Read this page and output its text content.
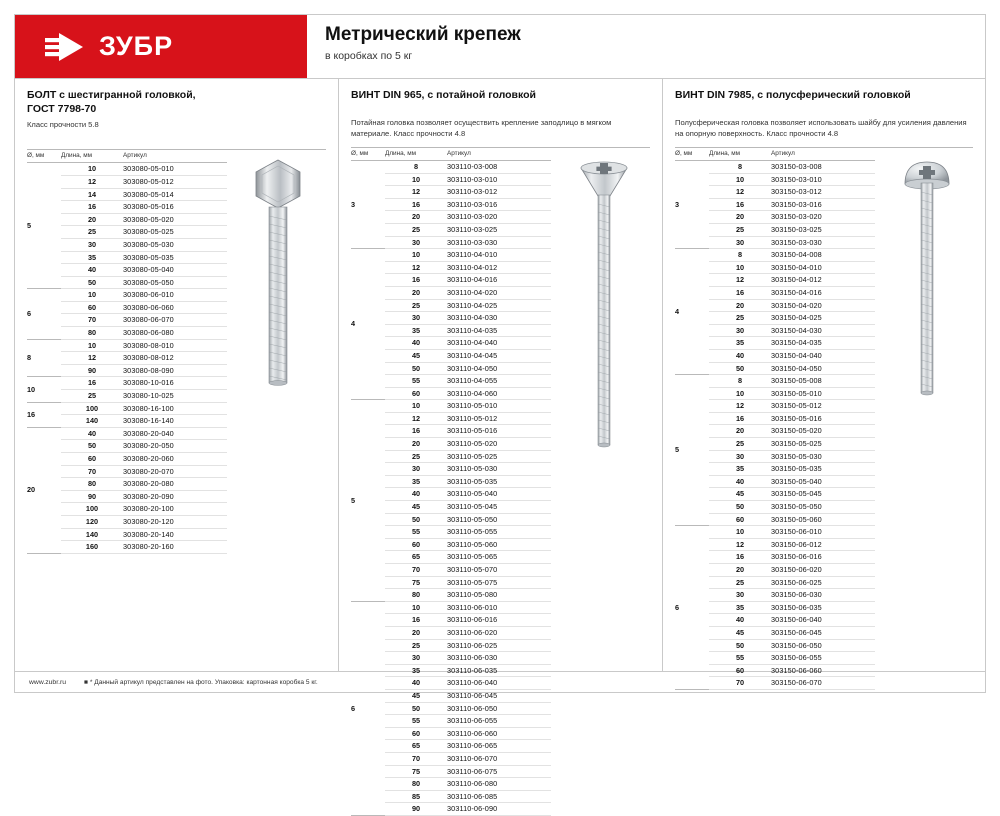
ЗУБР	Метрический крепеж
в коробках по 5 кг
БОЛТ с шестигранной головкой,
ГОСТ 7798-70
Класс прочности 5.8
Ø, мм	Длина, мм	Артикул
5	10	303080-05-010
	12	303080-05-012
	14	303080-05-014
	16	303080-05-016
	20	303080-05-020
	25	303080-05-025
	30	303080-05-030
	35	303080-05-035
	40	303080-05-040
	50	303080-05-050
6	10	303080-06-010
	60	303080-06-060
	70	303080-06-070
	80	303080-06-080
8	10	303080-08-010
	12	303080-08-012
	90	303080-08-090
10	16	303080-10-016
	25	303080-10-025
16	100	303080-16-100
	140	303080-16-140
20	40	303080-20-040
	50	303080-20-050
	60	303080-20-060
	70	303080-20-070
	80	303080-20-080
	90	303080-20-090
	100	303080-20-100
	120	303080-20-120
	140	303080-20-140
	160	303080-20-160
ВИНТ DIN 965, с потайной головкой
Потайная головка позволяет осуществить крепление заподлицо в мягком материале. Класс прочности 4.8
Ø, мм	Длина, мм	Артикул
3	8	303110-03-008
	10	303110-03-010
	12	303110-03-012
	16	303110-03-016
	20	303110-03-020
	25	303110-03-025
	30	303110-03-030
4	10	303110-04-010
	12	303110-04-012
	16	303110-04-016
	20	303110-04-020
	25	303110-04-025
	30	303110-04-030
	35	303110-04-035
	40	303110-04-040
	45	303110-04-045
	50	303110-04-050
	55	303110-04-055
	60	303110-04-060
5	10	303110-05-010
	12	303110-05-012
	16	303110-05-016
	20	303110-05-020
	25	303110-05-025
	30	303110-05-030
	35	303110-05-035
	40	303110-05-040
	45	303110-05-045
	50	303110-05-050
	55	303110-05-055
	60	303110-05-060
	65	303110-05-065
	70	303110-05-070
	75	303110-05-075
	80	303110-05-080
6	10	303110-06-010
	16	303110-06-016
	20	303110-06-020
	25	303110-06-025
	30	303110-06-030
	35	303110-06-035
	40	303110-06-040
	45	303110-06-045
	50	303110-06-050
	55	303110-06-055
	60	303110-06-060
	65	303110-06-065
	70	303110-06-070
	75	303110-06-075
	80	303110-06-080
	85	303110-06-085
	90	303110-06-090
ВИНТ DIN 7985, с полусферический головкой
Полусферическая головка позволяет использовать шайбу для усиления давления на опорную поверхность. Класс прочности 4.8
Ø, мм	Длина, мм	Артикул
3	8	303150-03-008
	10	303150-03-010
	12	303150-03-012
	16	303150-03-016
	20	303150-03-020
	25	303150-03-025
	30	303150-03-030
4	8	303150-04-008
	10	303150-04-010
	12	303150-04-012
	16	303150-04-016
	20	303150-04-020
	25	303150-04-025
	30	303150-04-030
	35	303150-04-035
	40	303150-04-040
	50	303150-04-050
5	8	303150-05-008
	10	303150-05-010
	12	303150-05-012
	16	303150-05-016
	20	303150-05-020
	25	303150-05-025
	30	303150-05-030
	35	303150-05-035
	40	303150-05-040
	45	303150-05-045
	50	303150-05-050
	60	303150-05-060
6	10	303150-06-010
	12	303150-06-012
	16	303150-06-016
	20	303150-06-020
	25	303150-06-025
	30	303150-06-030
	35	303150-06-035
	40	303150-06-040
	45	303150-06-045
	50	303150-06-050
	55	303150-06-055
	60	303150-06-060
	70	303150-06-070
www.zubr.ru	■ * Данный артикул представлен на фото. Упаковка: картонная коробка 5 кг.
